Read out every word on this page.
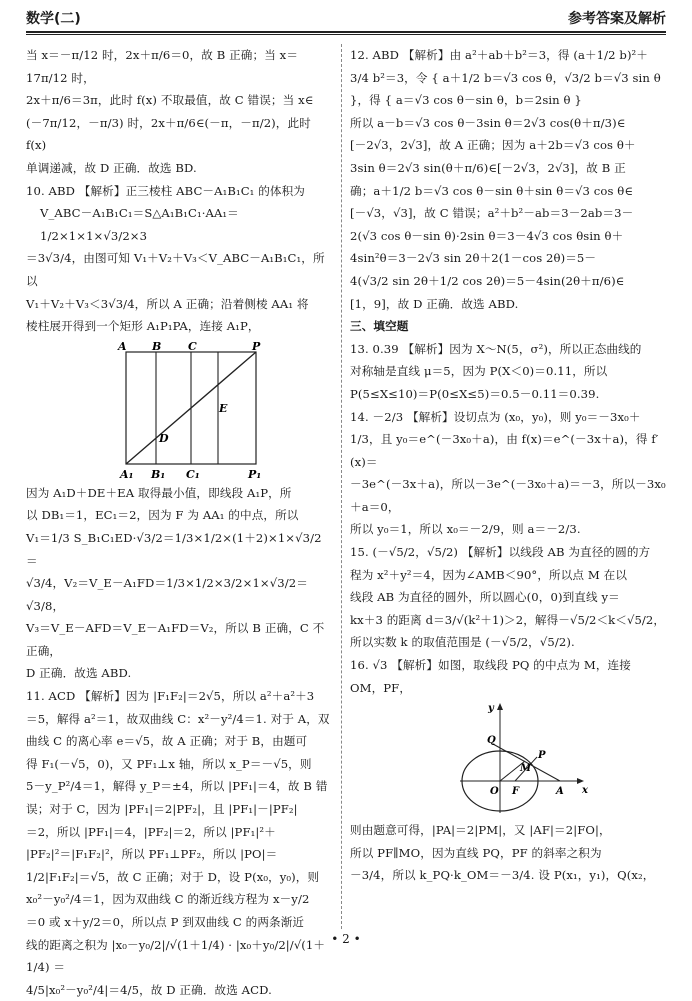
数学(二)	参考答案及解析

当 x＝－π/12 时，2x＋π/6＝0，故 B 正确；当 x＝17π/12 时，

2x＋π/6＝3π，此时 f(x) 不取最值，故 C 错误；当 x∈

(－7π/12，－π/3) 时，2x＋π/6∈(－π，－π/2)，此时 f(x)

单调递减，故 D 正确．故选 BD.

10. ABD 【解析】正三棱柱 ABC－A₁B₁C₁ 的体积为

V_ABC－A₁B₁C₁＝S△A₁B₁C₁·AA₁＝1/2×1×1×√3/2×3

＝3√3/4，由图可知 V₁＋V₂＋V₃＜V_ABC－A₁B₁C₁，所以

V₁＋V₂＋V₃＜3√3/4，所以 A 正确；沿着侧棱 AA₁ 将

棱柱展开得到一个矩形 A₁P₁PA，连接 A₁P，

A B C	P
A₁ B₁ C₁	P₁
D
E

因为 A₁D＋DE＋EA 取得最小值，即线段 A₁P，所

以 DB₁＝1，EC₁＝2，因为 F 为 AA₁ 的中点，所以

V₁＝1/3 S_B₁C₁ED·√3/2＝1/3×1/2×(1＋2)×1×√3/2＝

√3/4，V₂＝V_E－A₁FD＝1/3×1/2×3/2×1×√3/2＝√3/8，

V₃＝V_E－AFD＝V_E－A₁FD＝V₂，所以 B 正确，C 不正确，

D 正确．故选 ABD.

11. ACD 【解析】因为 |F₁F₂|＝2√5，所以 a²＋a²＋3

＝5，解得 a²＝1，故双曲线 C：x²－y²/4＝1. 对于 A，双

曲线 C 的离心率 e＝√5，故 A 正确；对于 B，由题可

得 F₁(－√5，0)，又 PF₁⊥x 轴，所以 x_P＝－√5，则

5－y_P²/4＝1，解得 y_P＝±4，所以 |PF₁|＝4，故 B 错

误；对于 C，因为 |PF₁|＝2|PF₂|，且 |PF₁|－|PF₂|

＝2，所以 |PF₁|＝4，|PF₂|＝2，所以 |PF₁|²＋

|PF₂|²＝|F₁F₂|²，所以 PF₁⊥PF₂，所以 |PO|＝

1/2|F₁F₂|＝√5，故 C 正确；对于 D，设 P(x₀，y₀)，则

x₀²－y₀²/4＝1，因为双曲线 C 的渐近线方程为 x－y/2

＝0 或 x＋y/2＝0，所以点 P 到双曲线 C 的两条渐近

线的距离之积为 |x₀－y₀/2|/√(1＋1/4) · |x₀＋y₀/2|/√(1＋1/4) ＝

4/5|x₀²－y₀²/4|＝4/5，故 D 正确．故选 ACD.

12. ABD 【解析】由 a²＋ab＋b²＝3，得 (a＋1/2 b)²＋

3/4 b²＝3，令 { a＋1/2 b＝√3 cos θ，√3/2 b＝√3 sin θ }，得 { a＝√3 cos θ－sin θ，b＝2sin θ }

所以 a－b＝√3 cos θ－3sin θ＝2√3 cos(θ＋π/3)∈

[－2√3，2√3]，故 A 正确；因为 a＋2b＝√3 cos θ＋

3sin θ＝2√3 sin(θ＋π/6)∈[－2√3，2√3]，故 B 正

确；a＋1/2 b＝√3 cos θ－sin θ＋sin θ＝√3 cos θ∈

[－√3，√3]，故 C 错误；a²＋b²－ab＝3－2ab＝3－

2(√3 cos θ－sin θ)·2sin θ＝3－4√3 cos θsin θ＋

4sin²θ＝3－2√3 sin 2θ＋2(1－cos 2θ)＝5－

4(√3/2 sin 2θ＋1/2 cos 2θ)＝5－4sin(2θ＋π/6)∈

[1，9]，故 D 正确．故选 ABD.

三、填空题

13. 0.39 【解析】因为 X～N(5，σ²)，所以正态曲线的

对称轴是直线 μ＝5，因为 P(X＜0)＝0.11，所以

P(5≤X≤10)＝P(0≤X≤5)＝0.5－0.11＝0.39.

14. －2/3 【解析】设切点为 (x₀，y₀)，则 y₀＝－3x₀＋

1/3，且 y₀＝e^(－3x₀＋a)，由 f(x)＝e^(－3x＋a)，得 f′(x)＝

－3e^(－3x＋a)，所以－3e^(－3x₀＋a)＝－3，所以－3x₀＋a＝0，

所以 y₀＝1，所以 x₀＝－2/9，则 a＝－2/3.

15. (－√5/2，√5/2) 【解析】以线段 AB 为直径的圆的方

程为 x²＋y²＝4，因为∠AMB＜90°，所以点 M 在以

线段 AB 为直径的圆外，所以圆心(0，0)到直线 y＝

kx＋3 的距离 d＝3/√(k²＋1)＞2，解得－√5/2＜k＜√5/2，

所以实数 k 的取值范围是 (－√5/2，√5/2).

16. √3 【解析】如图，取线段 PQ 的中点为 M，连接

OM，PF，

y
x
O F	A
M
P
Q

则由题意可得，|PA|＝2|PM|，又 |AF|＝2|FO|，

所以 PF∥MO，因为直线 PQ，PF 的斜率之积为

－3/4，所以 k_PQ·k_OM＝－3/4. 设 P(x₁，y₁)，Q(x₂，

• 2 •
